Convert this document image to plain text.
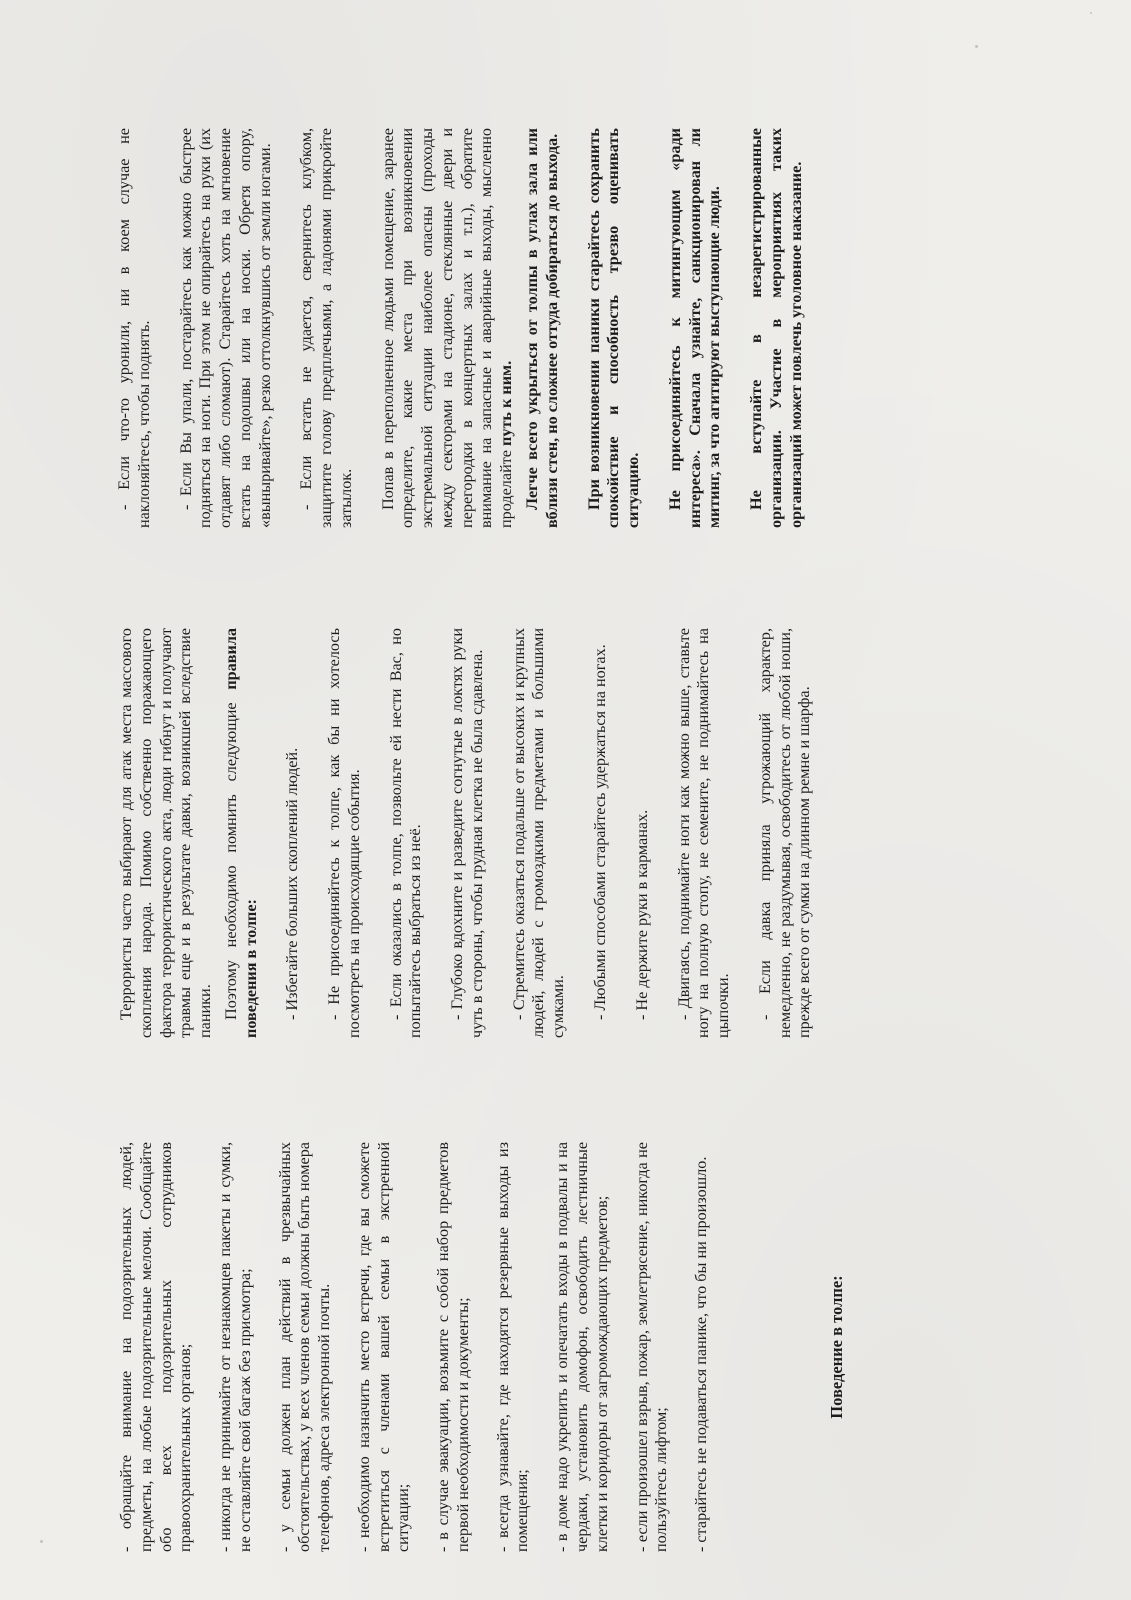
- обращайте внимание на подозрительных людей, предметы, на любые подозрительные мелочи. Сообщайте обо всех подозрительных сотрудников правоохранительных органов; - никогда не принимайте от незнакомцев пакеты и сумки, не оставляйте свой багаж без присмотра; - у семьи должен план действий в чрезвычайных обстоятельствах, у всех членов семьи должны быть номера телефонов, адреса электронной почты. - необходимо назначить место встречи, где вы сможете встретиться с членами вашей семьи в экстренной ситуации; - в случае эвакуации, возьмите с собой набор предметов первой необходимости и документы; - всегда узнавайте, где находятся резервные выходы из помещения; - в доме надо укрепить и опечатать входы в подвалы и на чердаки, установить домофон, освободить лестничные клетки и коридоры от загромождающих предметов; - если произошел взрыв, пожар, землетрясение, никогда не пользуйтесь лифтом; - старайтесь не подаваться панике, что бы ни произошло.	Поведение в толпе:

Террористы часто выбирают для атак места массового скопления народа. Помимо собственно поражающего фактора террористического акта, люди гибнут и получают травмы еще и в результате давки, возникшей вследствие паники. Поэтому необходимо помнить следующие правила поведения в толпе: - Избегайте больших скоплений людей. - Не присоединяйтесь к толпе, как бы ни хотелось посмотреть на происходящие события. - Если оказались в толпе, позвольте ей нести Вас, но попытайтесь выбраться из неё. - Глубоко вдохните и разведите согнутые в локтях руки чуть в стороны, чтобы грудная клетка не была сдавлена. - Стремитесь оказаться подальше от высоких и крупных людей, людей с громоздкими предметами и большими сумками. - Любыми способами старайтесь удержаться на ногах. - Не держите руки в карманах. - Двигаясь, поднимайте ноги как можно выше, ставьте ногу на полную стопу, не семените, не поднимайтесь на цыпочки. - Если давка приняла угрожающий характер, немедленно, не раздумывая, освободитесь от любой ноши, прежде всего от сумки на длинном ремне и шарфа.

- Если что-то уронили, ни в коем случае не наклоняйтесь, чтобы поднять. - Если Вы упали, постарайтесь как можно быстрее подняться на ноги. При этом не опирайтесь на руки (их отдавят либо сломают). Старайтесь хоть на мгновение встать на подошвы или на носки. Обретя опору, «выныривайте», резко оттолкнувшись от земли ногами. - Если встать не удается, свернитесь клубком, защитите голову предплечьями, а ладонями прикройте затылок. Попав в переполненное людьми помещение, заранее определите, какие места при возникновении экстремальной ситуации наиболее опасны (проходы между секторами на стадионе, стеклянные двери и перегородки в концертных залах и т.п.), обратите внимание на запасные и аварийные выходы, мысленно проделайте путь к ним. Легче всего укрыться от толпы в углах зала или вблизи стен, но сложнее оттуда добираться до выхода. При возникновении паники старайтесь сохранить спокойствие и способность трезво оценивать ситуацию. Не присоединяйтесь к митингующим «ради интереса». Сначала узнайте, санкционирован ли митинг, за что агитируют выступающие люди. Не вступайте в незарегистрированные организации. Участие в мероприятиях таких организаций может повлечь уголовное наказание.
